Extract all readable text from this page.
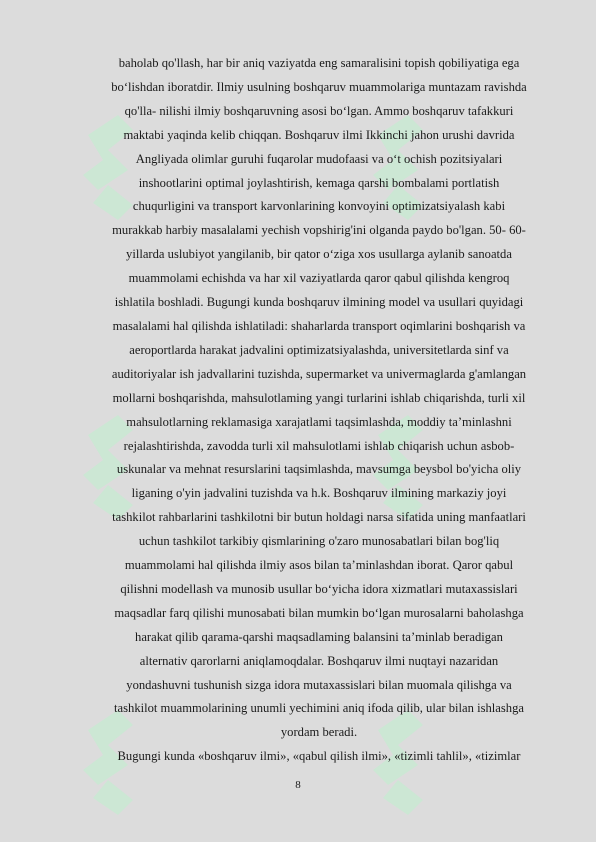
baholab qo'llash, har bir aniq vaziyatda eng samaralisini topish qobiliyatiga ega
boʻlishdan iboratdir. Ilmiy usulning boshqaruv muammolariga muntazam ravishda
qo'lla- nilishi ilmiy boshqaruvning asosi boʻlgan. Ammo boshqaruv tafakkuri
maktabi yaqinda kelib chiqqan. Boshqaruv ilmi Ikkinchi jahon urushi davrida
Angliyada olimlar guruhi fuqarolar mudofaasi va oʻt ochish pozitsiyalari
inshootlarini optimal joylashtirish, kemaga qarshi bombalami portlatish
chuqurligini va transport karvonlarining konvoyini optimizatsiyalash kabi
murakkab harbiy masalalami yechish vopshirig'ini olganda paydo bo'lgan. 50- 60-
yillarda uslubiyot yangilanib, bir qator oʻziga xos usullarga aylanib sanoatda
muammolami echishda va har xil vaziyatlarda qaror qabul qilishda kengroq
ishlatila boshladi. Bugungi kunda boshqaruv ilmining model va usullari quyidagi
masalalami hal qilishda ishlatiladi: shaharlarda transport oqimlarini boshqarish va
aeroportlarda harakat jadvalini optimizatsiyalashda, universitetlarda sinf va
auditoriyalar ish jadvallarini tuzishda, supermarket va univermaglarda g'amlangan
mollarni boshqarishda, mahsulotlaming yangi turlarini ishlab chiqarishda, turli xil
mahsulotlarning reklamasiga xarajatlami taqsimlashda, moddiy ta’minlashni
rejalashtirishda, zavodda turli xil mahsulotlami ishlab chiqarish uchun asbob-
uskunalar va mehnat resurslarini taqsimlashda, mavsumga beysbol bo'yicha oliy
liganing o'yin jadvalini tuzishda va h.k. Boshqaruv ilmining markaziy joyi
tashkilot rahbarlarini tashkilotni bir butun holdagi narsa sifatida uning manfaatlari
uchun tashkilot tarkibiy qismlarining o'zaro munosabatlari bilan bog'liq
muammolami hal qilishda ilmiy asos bilan ta’minlashdan iborat. Qaror qabul
qilishni modellash va munosib usullar boʻyicha idora xizmatlari mutaxassislari
maqsadlar farq qilishi munosabati bilan mumkin boʻlgan murosalarni baholashga
harakat qilib qarama-qarshi maqsadlaming balansini ta’minlab beradigan
alternativ qarorlarni aniqlamoqdalar. Boshqaruv ilmi nuqtayi nazaridan
yondashuvni tushunish sizga idora mutaxassislari bilan muomala qilishga va
tashkilot muammolarining unumli yechimini aniq ifoda qilib, ular bilan ishlashga
yordam beradi.
Bugungi kunda «boshqaruv ilmi», «qabul qilish ilmi», «tizimli tahlil», «tizimlar

8
